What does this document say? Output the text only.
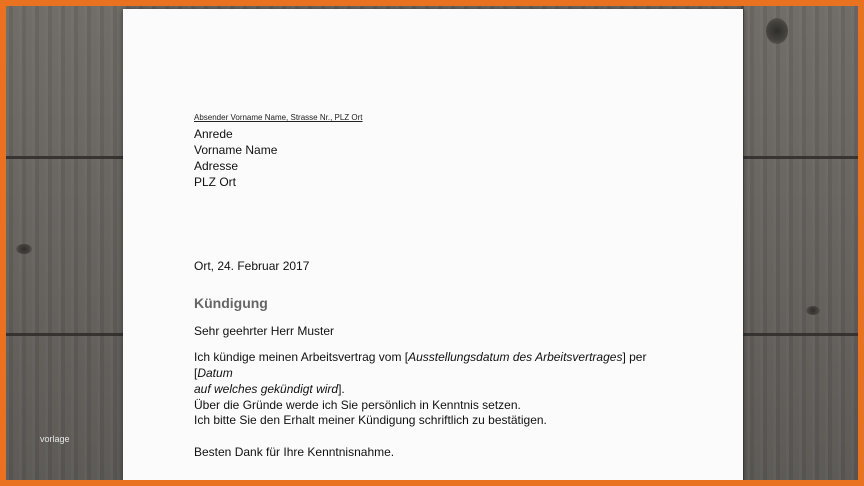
vorlage
Absender Vorname Name, Strasse Nr., PLZ Ort
Anrede
Vorname Name
Adresse
PLZ Ort
Ort, 24. Februar 2017
Kündigung
Sehr geehrter Herr Muster
Ich kündige meinen Arbeitsvertrag vom [Ausstellungsdatum des Arbeitsvertrages] per [Datum
auf welches gekündigt wird].
Über die Gründe werde ich Sie persönlich in Kenntnis setzen.
Ich bitte Sie den Erhalt meiner Kündigung schriftlich zu bestätigen.
Besten Dank für Ihre Kenntnisnahme.
